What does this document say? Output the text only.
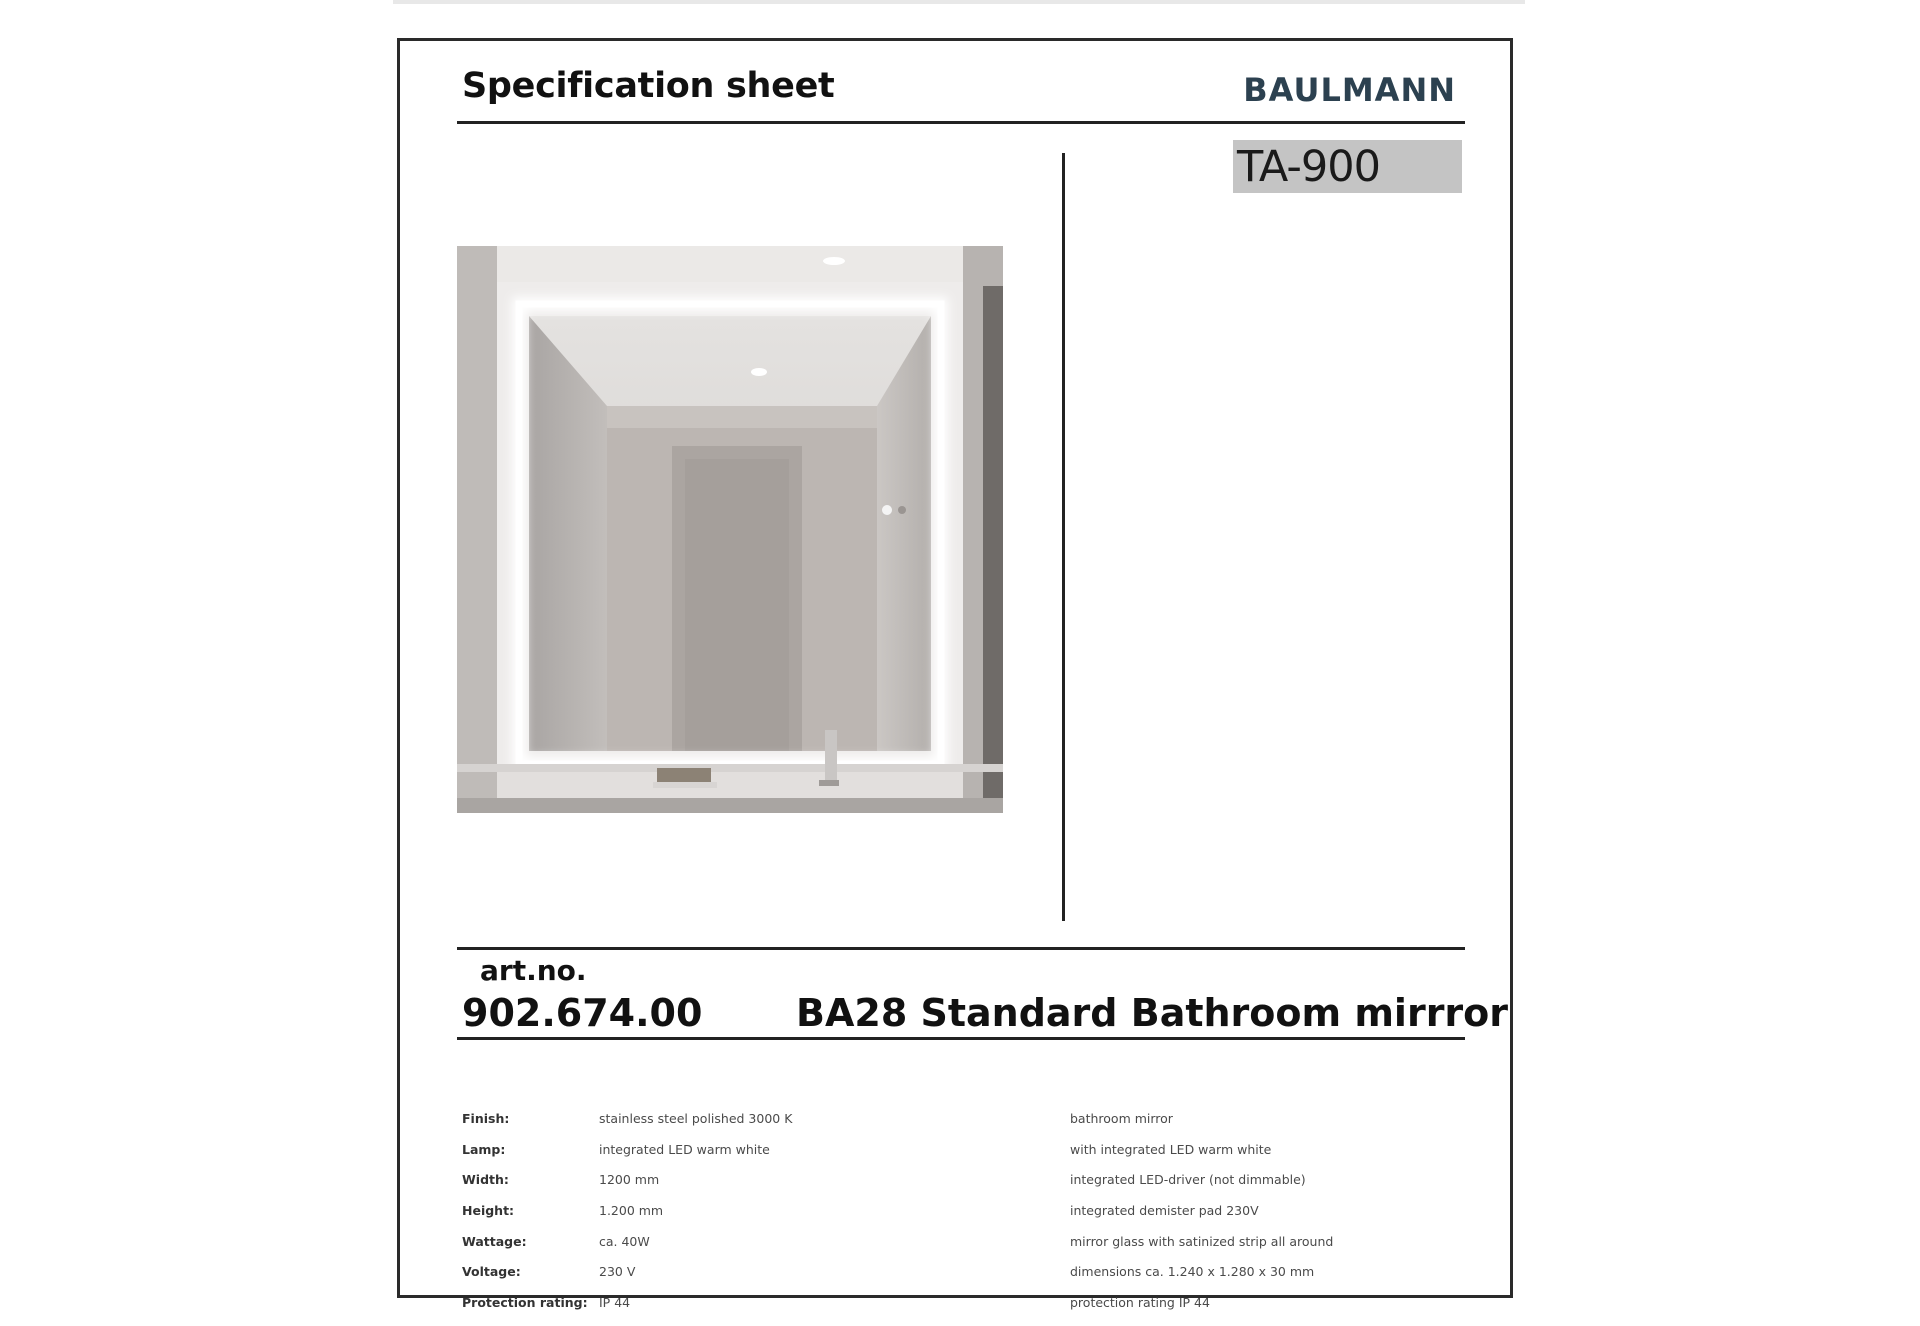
Specification sheet	BAULMANN
TA-900
art.no.
902.674.00 BA28 Standard Bathroom mirrror
Finish:	stainless steel polished 3000 K	bathroom mirror
Lamp:	integrated LED warm white	with integrated LED warm white
Width:	1200 mm	integrated LED-driver (not dimmable)
Height:	1.200 mm	integrated demister pad 230V
Wattage:	ca. 40W	mirror glass with satinized strip all around
Voltage:	230 V	dimensions ca. 1.240 x 1.280 x 30 mm
Protection rating: IP 44	protection rating IP 44
